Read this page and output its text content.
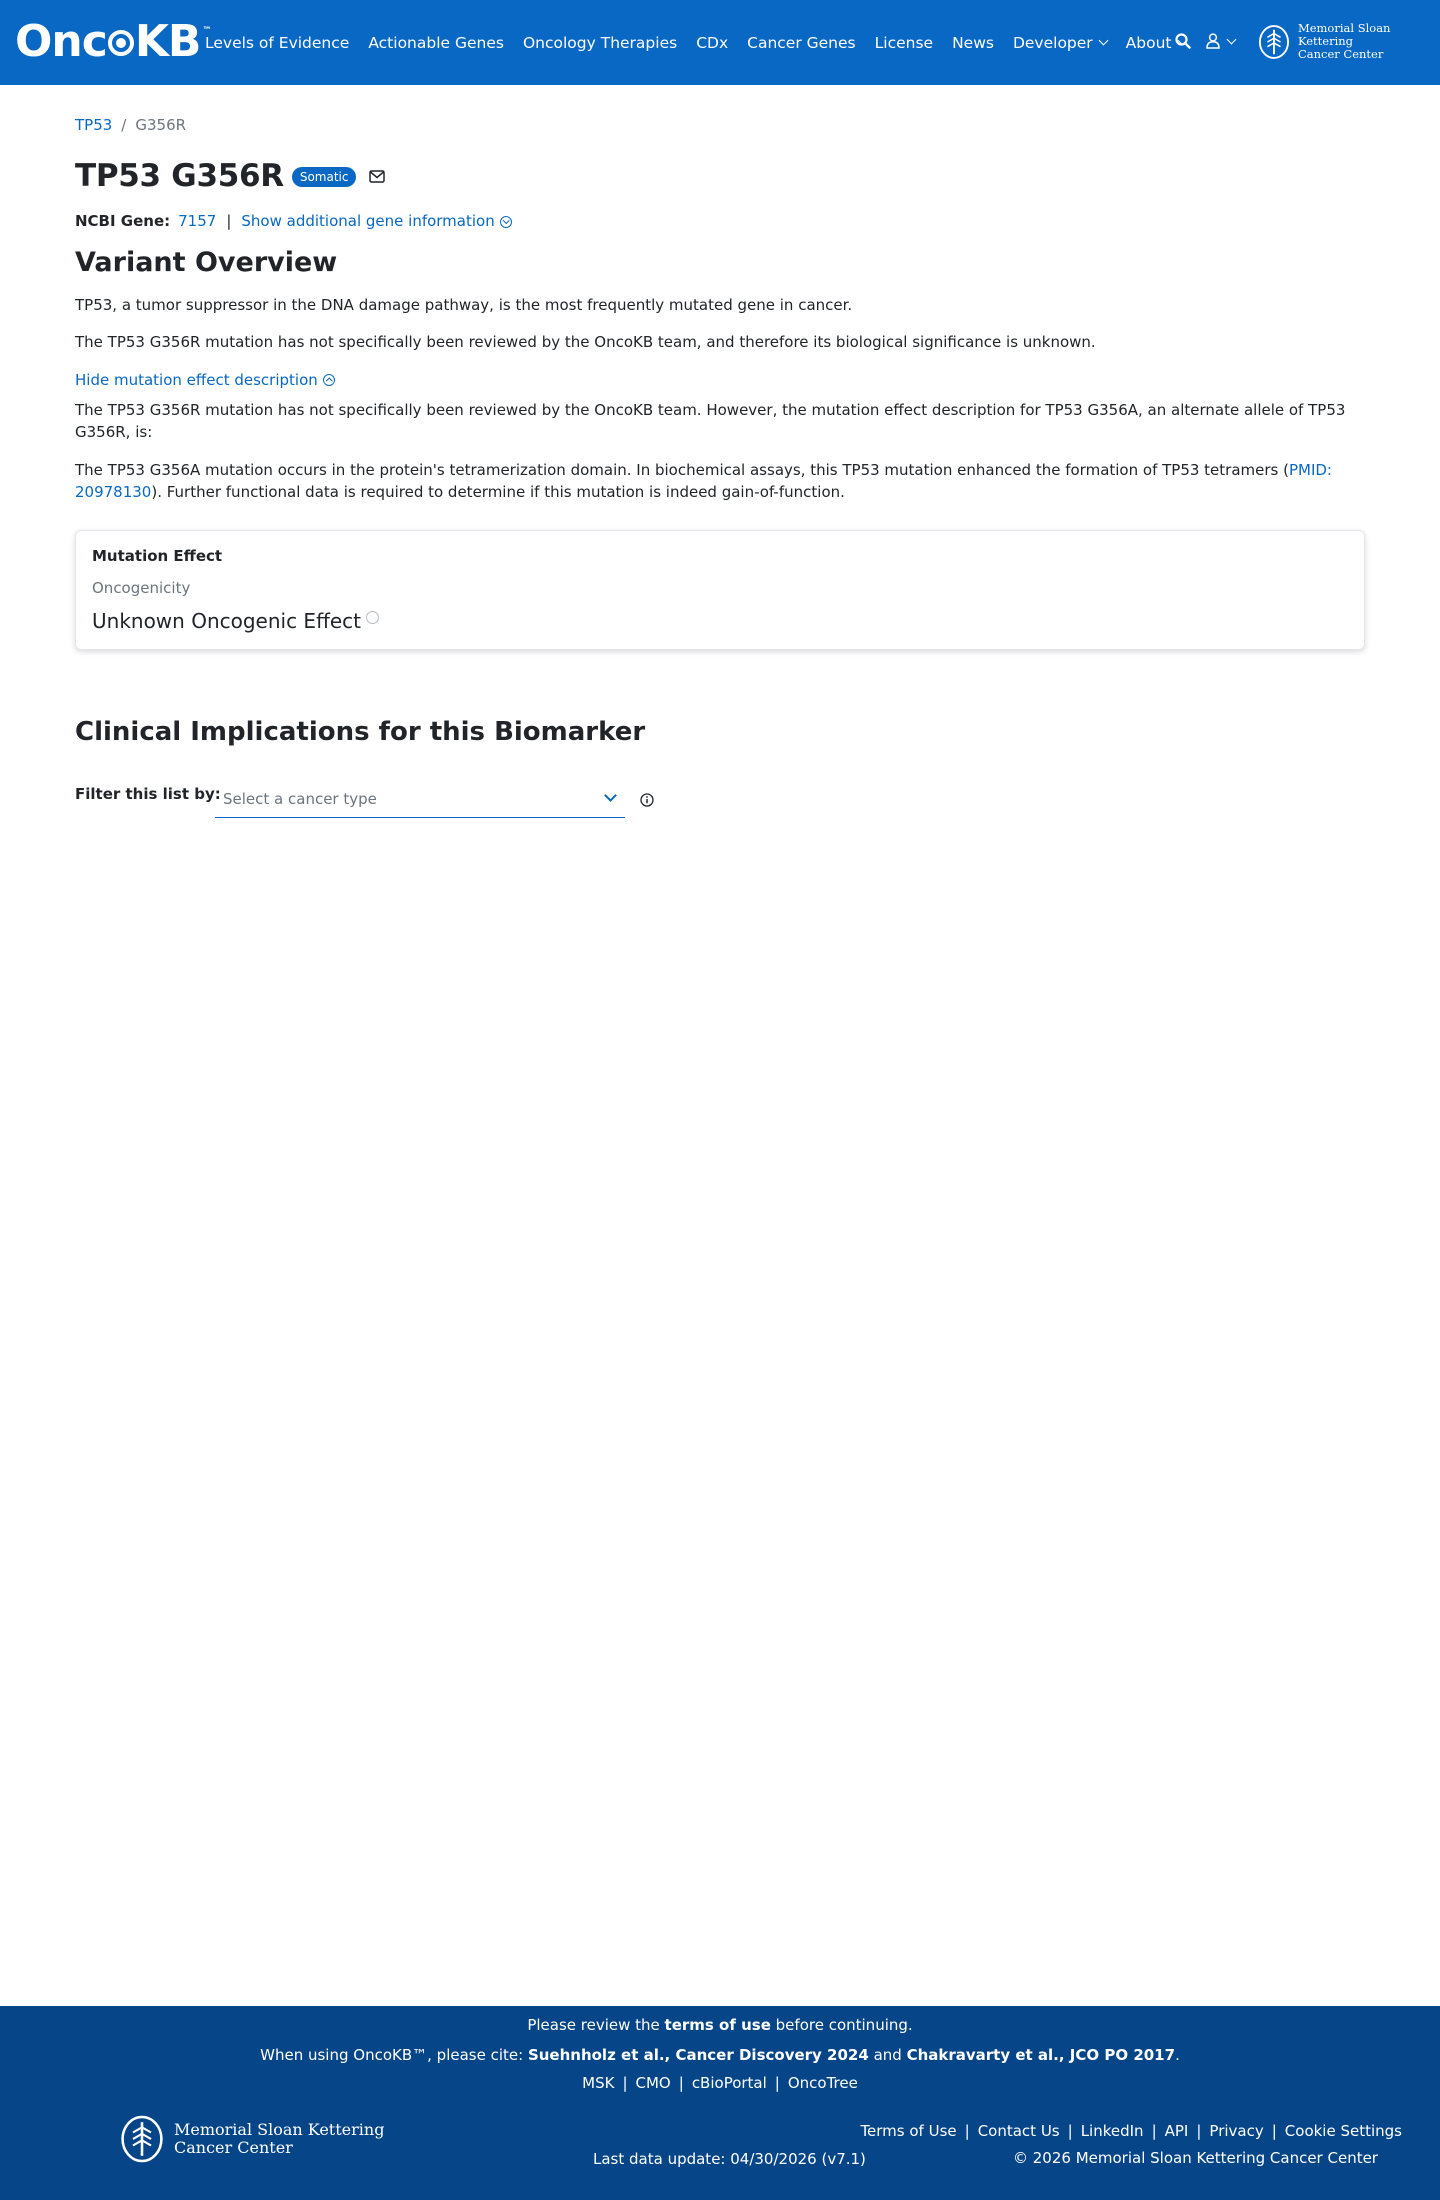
Onc KB ™
Levels of Evidence Actionable Genes Oncology Therapies CDx Cancer Genes License News Developer About
Memorial Sloan Kettering
Cancer Center
TP53 / G356R
TP53 G356R	Somatic
NCBI Gene: 7157 | Show additional gene information
Variant Overview

TP53, a tumor suppressor in the DNA damage pathway, is the most frequently mutated gene in cancer.

The TP53 G356R mutation has not specifically been reviewed by the OncoKB team, and therefore its biological significance is unknown.

Hide mutation effect description

The TP53 G356R mutation has not specifically been reviewed by the OncoKB team. However, the mutation effect description for TP53 G356A, an alternate allele of TP53 G356R, is:

The TP53 G356A mutation occurs in the protein's tetramerization domain. In biochemical assays, this TP53 mutation enhanced the formation of TP53 tetramers (PMID: 20978130). Further functional data is required to determine if this mutation is indeed gain-of-function.

Mutation Effect
Oncogenicity
Unknown Oncogenic Effect
Clinical Implications for this Biomarker
Filter this list by: Select a cancer type
Please review the terms of use before continuing.
When using OncoKB™, please cite: Suehnholz et al., Cancer Discovery 2024 and Chakravarty et al., JCO PO 2017.
MSK | CMO | cBioPortal | OncoTree
Memorial Sloan Kettering
Cancer Center
Last data update: 04/30/2026 (v7.1)
Terms of Use | Contact Us | LinkedIn | API | Privacy | Cookie Settings
© 2026 Memorial Sloan Kettering Cancer Center
